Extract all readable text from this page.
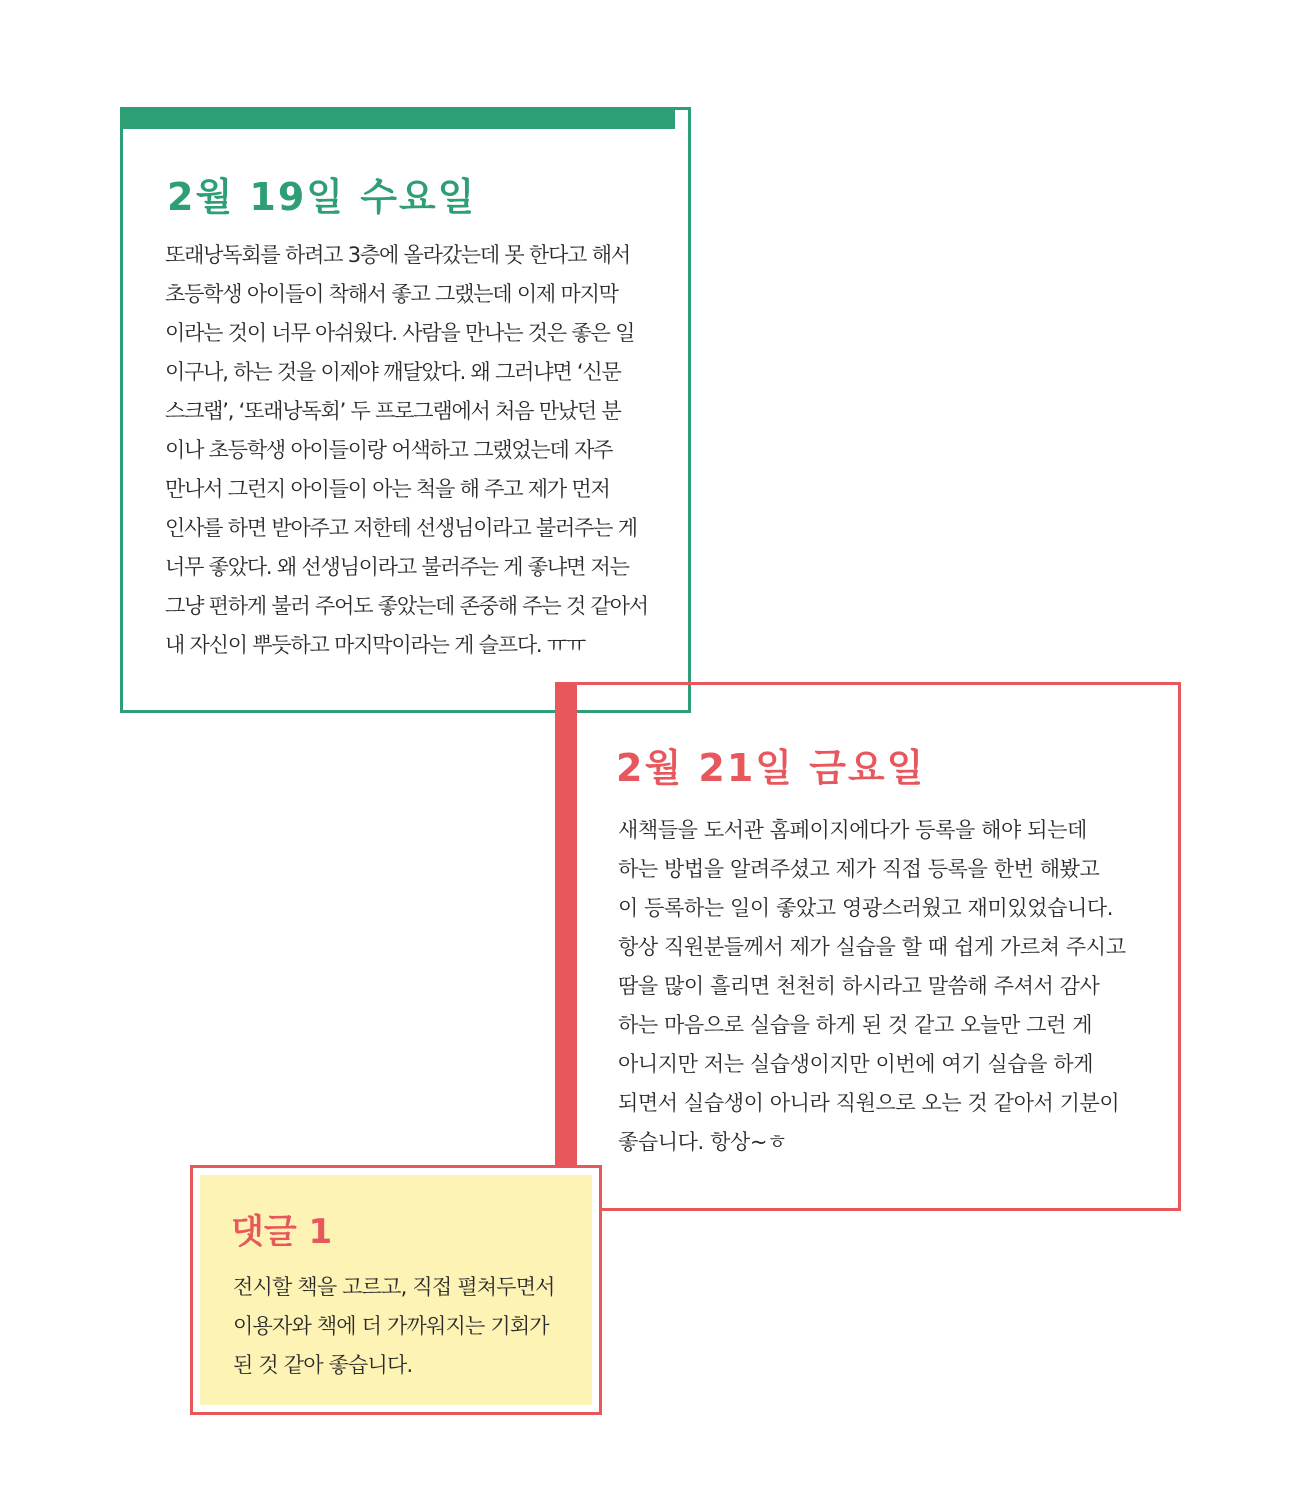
2월 19일 수요일
또래낭독회를 하려고 3층에 올라갔는데 못 한다고 해서
초등학생 아이들이 착해서 좋고 그랬는데 이제 마지막
이라는 것이 너무 아쉬웠다. 사람을 만나는 것은 좋은 일
이구나, 하는 것을 이제야 깨달았다. 왜 그러냐면 ‘신문
스크랩’, ‘또래낭독회’ 두 프로그램에서 처음 만났던 분
이나 초등학생 아이들이랑 어색하고 그랬었는데 자주
만나서 그런지 아이들이 아는 척을 해 주고 제가 먼저
인사를 하면 받아주고 저한테 선생님이라고 불러주는 게
너무 좋았다. 왜 선생님이라고 불러주는 게 좋냐면 저는
그냥 편하게 불러 주어도 좋았는데 존중해 주는 것 같아서
내 자신이 뿌듯하고 마지막이라는 게 슬프다. ㅠㅠ
2월 21일 금요일
새책들을 도서관 홈페이지에다가 등록을 해야 되는데
하는 방법을 알려주셨고 제가 직접 등록을 한번 해봤고
이 등록하는 일이 좋았고 영광스러웠고 재미있었습니다.
항상 직원분들께서 제가 실습을 할 때 쉽게 가르쳐 주시고
땀을 많이 흘리면 천천히 하시라고 말씀해 주셔서 감사
하는 마음으로 실습을 하게 된 것 같고 오늘만 그런 게
아니지만 저는 실습생이지만 이번에 여기 실습을 하게
되면서 실습생이 아니라 직원으로 오는 것 같아서 기분이
좋습니다. 항상~ㅎ
댓글 1
전시할 책을 고르고, 직접 펼쳐두면서
이용자와 책에 더 가까워지는 기회가
된 것 같아 좋습니다.
